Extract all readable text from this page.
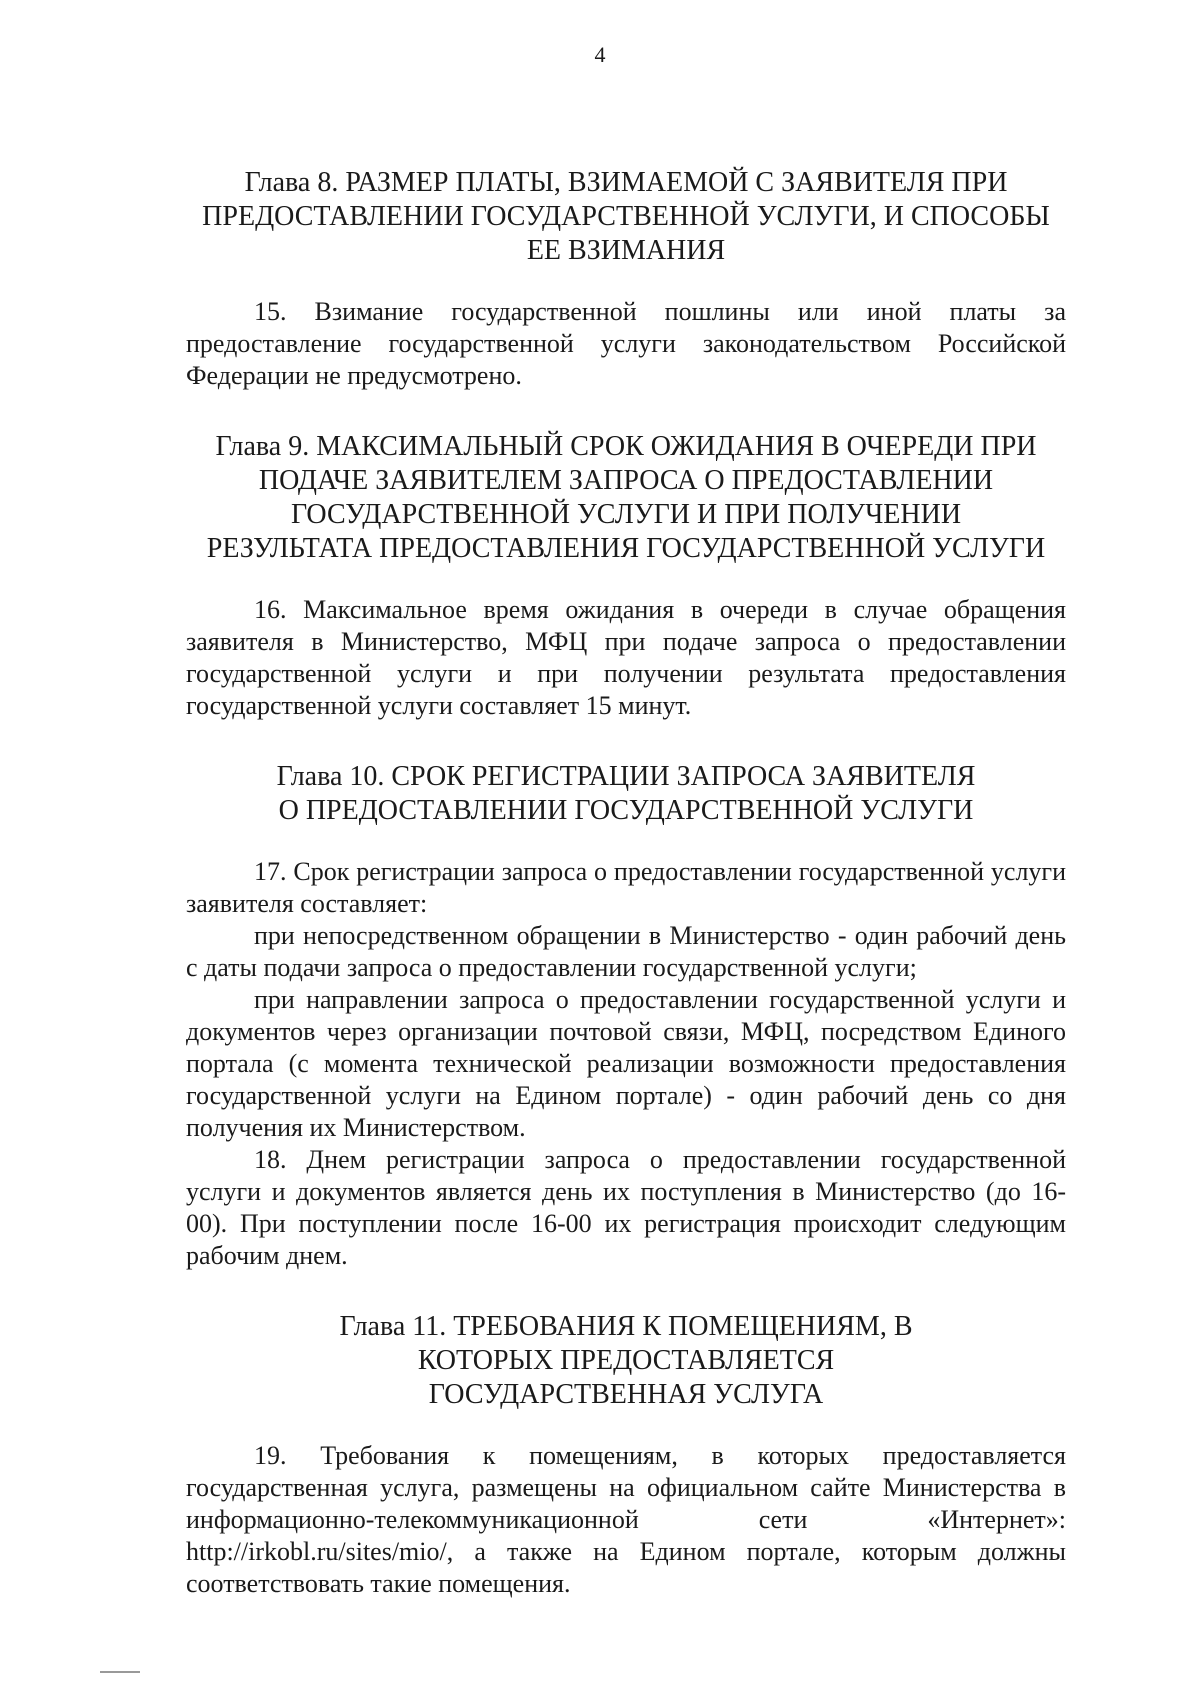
4

Глава 8. РАЗМЕР ПЛАТЫ, ВЗИМАЕМОЙ С ЗАЯВИТЕЛЯ ПРИ ПРЕДОСТАВЛЕНИИ ГОСУДАРСТВЕННОЙ УСЛУГИ, И СПОСОБЫ ЕЕ ВЗИМАНИЯ

15. Взимание государственной пошлины или иной платы за предоставление государственной услуги законодательством Российской Федерации не предусмотрено.

Глава 9. МАКСИМАЛЬНЫЙ СРОК ОЖИДАНИЯ В ОЧЕРЕДИ ПРИ ПОДАЧЕ ЗАЯВИТЕЛЕМ ЗАПРОСА О ПРЕДОСТАВЛЕНИИ ГОСУДАРСТВЕННОЙ УСЛУГИ И ПРИ ПОЛУЧЕНИИ РЕЗУЛЬТАТА ПРЕДОСТАВЛЕНИЯ ГОСУДАРСТВЕННОЙ УСЛУГИ

16. Максимальное время ожидания в очереди в случае обращения заявителя в Министерство, МФЦ при подаче запроса о предоставлении государственной услуги и при получении результата предоставления государственной услуги составляет 15 минут.

Глава 10. СРОК РЕГИСТРАЦИИ ЗАПРОСА ЗАЯВИТЕЛЯ О ПРЕДОСТАВЛЕНИИ ГОСУДАРСТВЕННОЙ УСЛУГИ

17. Срок регистрации запроса о предоставлении государственной услуги заявителя составляет:

при непосредственном обращении в Министерство - один рабочий день с даты подачи запроса о предоставлении государственной услуги;

при направлении запроса о предоставлении государственной услуги и документов через организации почтовой связи, МФЦ, посредством Единого портала (с момента технической реализации возможности предоставления государственной услуги на Едином портале) - один рабочий день со дня получения их Министерством.

18. Днем регистрации запроса о предоставлении государственной услуги и документов является день их поступления в Министерство (до 16-00). При поступлении после 16-00 их регистрация происходит следующим рабочим днем.

Глава 11. ТРЕБОВАНИЯ К ПОМЕЩЕНИЯМ, В КОТОРЫХ ПРЕДОСТАВЛЯЕТСЯ ГОСУДАРСТВЕННАЯ УСЛУГА

19. Требования к помещениям, в которых предоставляется государственная услуга, размещены на официальном сайте Министерства в информационно-телекоммуникационной сети «Интернет»: http://irkobl.ru/sites/mio/, а также на Едином портале, которым должны соответствовать такие помещения.
